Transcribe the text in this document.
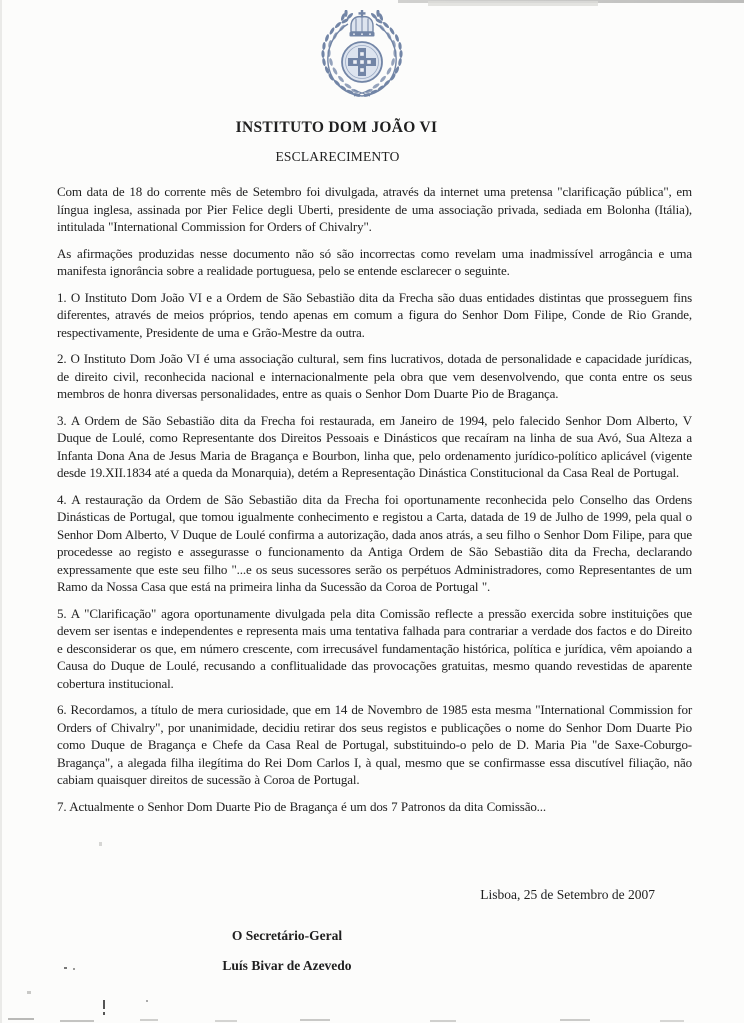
INSTITUTO DOM JOÃO VI
ESCLARECIMENTO

Com data de 18 do corrente mês de Setembro foi divulgada, através da internet uma pretensa "clarificação pública", em língua inglesa, assinada por Pier Felice degli Uberti, presidente de uma associação privada, sediada em Bolonha (Itália), intitulada "International Commission for Orders of Chivalry".

As afirmações produzidas nesse documento não só são incorrectas como revelam uma inadmissível arrogância e uma manifesta ignorância sobre a realidade portuguesa, pelo se entende esclarecer o seguinte.

1. O Instituto Dom João VI e a Ordem de São Sebastião dita da Frecha são duas entidades distintas que prosseguem fins diferentes, através de meios próprios, tendo apenas em comum a figura do Senhor Dom Filipe, Conde de Rio Grande, respectivamente, Presidente de uma e Grão-Mestre da outra.

2. O Instituto Dom João VI é uma associação cultural, sem fins lucrativos, dotada de personalidade e capacidade jurídicas, de direito civil, reconhecida nacional e internacionalmente pela obra que vem desenvolvendo, que conta entre os seus membros de honra diversas personalidades, entre as quais o Senhor Dom Duarte Pio de Bragança.

3. A Ordem de São Sebastião dita da Frecha foi restaurada, em Janeiro de 1994, pelo falecido Senhor Dom Alberto, V Duque de Loulé, como Representante dos Direitos Pessoais e Dinásticos que recaíram na linha de sua Avó, Sua Alteza a Infanta Dona Ana de Jesus Maria de Bragança e Bourbon, linha que, pelo ordenamento jurídico-político aplicável (vigente desde 19.XII.1834 até a queda da Monarquia), detém a Representação Dinástica Constitucional da Casa Real de Portugal.

4. A restauração da Ordem de São Sebastião dita da Frecha foi oportunamente reconhecida pelo Conselho das Ordens Dinásticas de Portugal, que tomou igualmente conhecimento e registou a Carta, datada de 19 de Julho de 1999, pela qual o Senhor Dom Alberto, V Duque de Loulé confirma a autorização, dada anos atrás, a seu filho o Senhor Dom Filipe, para que procedesse ao registo e assegurasse o funcionamento da Antiga Ordem de São Sebastião dita da Frecha, declarando expressamente que este seu filho "...e os seus sucessores serão os perpétuos Administradores, como Representantes de um Ramo da Nossa Casa que está na primeira linha da Sucessão da Coroa de Portugal ".

5. A "Clarificação" agora oportunamente divulgada pela dita Comissão reflecte a pressão exercida sobre instituições que devem ser isentas e independentes e representa mais uma tentativa falhada para contrariar a verdade dos factos e do Direito e desconsiderar os que, em número crescente, com irrecusável fundamentação histórica, política e jurídica, vêm apoiando a Causa do Duque de Loulé, recusando a conflitualidade das provocações gratuitas, mesmo quando revestidas de aparente cobertura institucional.

6. Recordamos, a título de mera curiosidade, que em 14 de Novembro de 1985 esta mesma "International Commission for Orders of Chivalry", por unanimidade, decidiu retirar dos seus registos e publicações o nome do Senhor Dom Duarte Pio como Duque de Bragança e Chefe da Casa Real de Portugal, substituindo-o pelo de D. Maria Pia "de Saxe-Coburgo-Bragança", a alegada filha ilegítima do Rei Dom Carlos I, à qual, mesmo que se confirmasse essa discutível filiação, não cabiam quaisquer direitos de sucessão à Coroa de Portugal.

7. Actualmente o Senhor Dom Duarte Pio de Bragança é um dos 7 Patronos da dita Comissão...

Lisboa, 25 de Setembro de 2007

O Secretário-Geral

Luís Bivar de Azevedo
